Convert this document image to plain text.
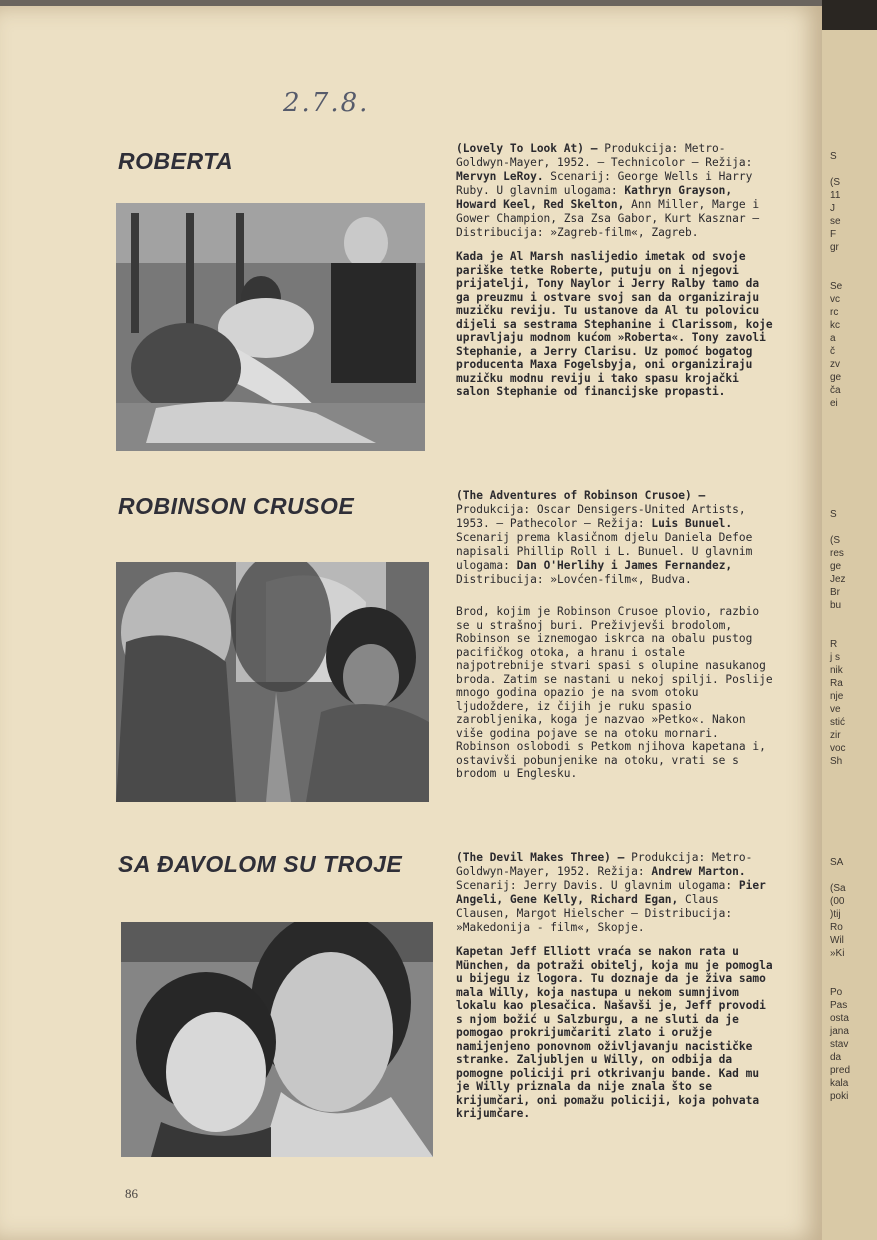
2.7.8.
ROBERTA	(Lovely To Look At) — Produkcija: Metro-Goldwyn-Mayer, 1952. — Technicolor — Režija: Mervyn LeRoy. Scenarij: George Wells i Harry Ruby. U glavnim ulogama: Kathryn Grayson, Howard Keel, Red Skelton, Ann Miller, Marge i Gower Champion, Zsa Zsa Gabor, Kurt Kasznar — Distribucija: »Zagreb-film«, Zagreb.

Kada je Al Marsh naslijedio imetak od svoje pariške tetke Roberte, putuju on i njegovi prijatelji, Tony Naylor i Jerry Ralby tamo da ga preuzmu i ostvare svoj san da organiziraju muzičku reviju. Tu ustanove da Al tu polovicu dijeli sa sestrama Stephanine i Clarissom, koje upravljaju modnom kućom »Roberta«. Tony zavoli Stephanie, a Jerry Clarisu. Uz pomoć bogatog producenta Maxa Fogelsbyja, oni organiziraju muzičku modnu reviju i tako spasu krojački salon Stephanie od financijske propasti.

ROBINSON CRUSOE	(The Adventures of Robinson Crusoe) — Produkcija: Oscar Densigers-United Artists, 1953. — Pathecolor — Režija: Luis Bunuel. Scenarij prema klasičnom djelu Daniela Defoe napisali Phillip Roll i L. Bunuel. U glavnim ulogama: Dan O'Herlihy i James Fernandez, Distribucija: »Lovćen-film«, Budva.

Brod, kojim je Robinson Crusoe plovio, razbio se u strašnoj buri. Preživjevši brodolom, Robinson se iznemogao iskrca na obalu pustog pacifičkog otoka, a hranu i ostale najpotrebnije stvari spasi s olupine nasukanog broda. Zatim se nastani u nekoj spilji. Poslije mnogo godina opazio je na svom otoku ljudoždere, iz čijih je ruku spasio zarobljenika, koga je nazvao »Petko«. Nakon više godina pojave se na otoku mornari. Robinson oslobodi s Petkom njihova kapetana i, ostavivši pobunjenike na otoku, vrati se s brodom u Englesku.

SA ĐAVOLOM SU TROJE	(The Devil Makes Three) — Produkcija: Metro-Goldwyn-Mayer, 1952. Režija: Andrew Marton. Scenarij: Jerry Davis. U glavnim ulogama: Pier Angeli, Gene Kelly, Richard Egan, Claus Clausen, Margot Hielscher — Distribucija: »Makedonija - film«, Skopje.

Kapetan Jeff Elliott vraća se nakon rata u München, da potraži obitelj, koja mu je pomogla u bijegu iz logora. Tu doznaje da je živa samo mala Willy, koja nastupa u nekom sumnjivom lokalu kao plesačica. Našavši je, Jeff provodi s njom božić u Salzburgu, a ne sluti da je pomogao prokrijumčariti zlato i oružje namijenjeno ponovnom oživljavanju nacističke stranke. Zaljubljen u Willy, on odbija da pomogne policiji pri otkrivanju bande. Kad mu je Willy priznala da nije znala što se krijumčari, oni pomažu policiji, koja pohvata krijumčare.

86
S

(S
11
J
se
F
gr

Se
vc
rc
kc
a
č
zv
ge
ča
ei
S

(S
res
ge
Jez
Br
bu

R
j s
nik
Ra
nje
ve
stić
zir
voc
Sh
SA

(Sa
(00
)tij
Ro
Wil
»Ki

Po
Pas
osta
jana
stav
da
pred
kala
poki
